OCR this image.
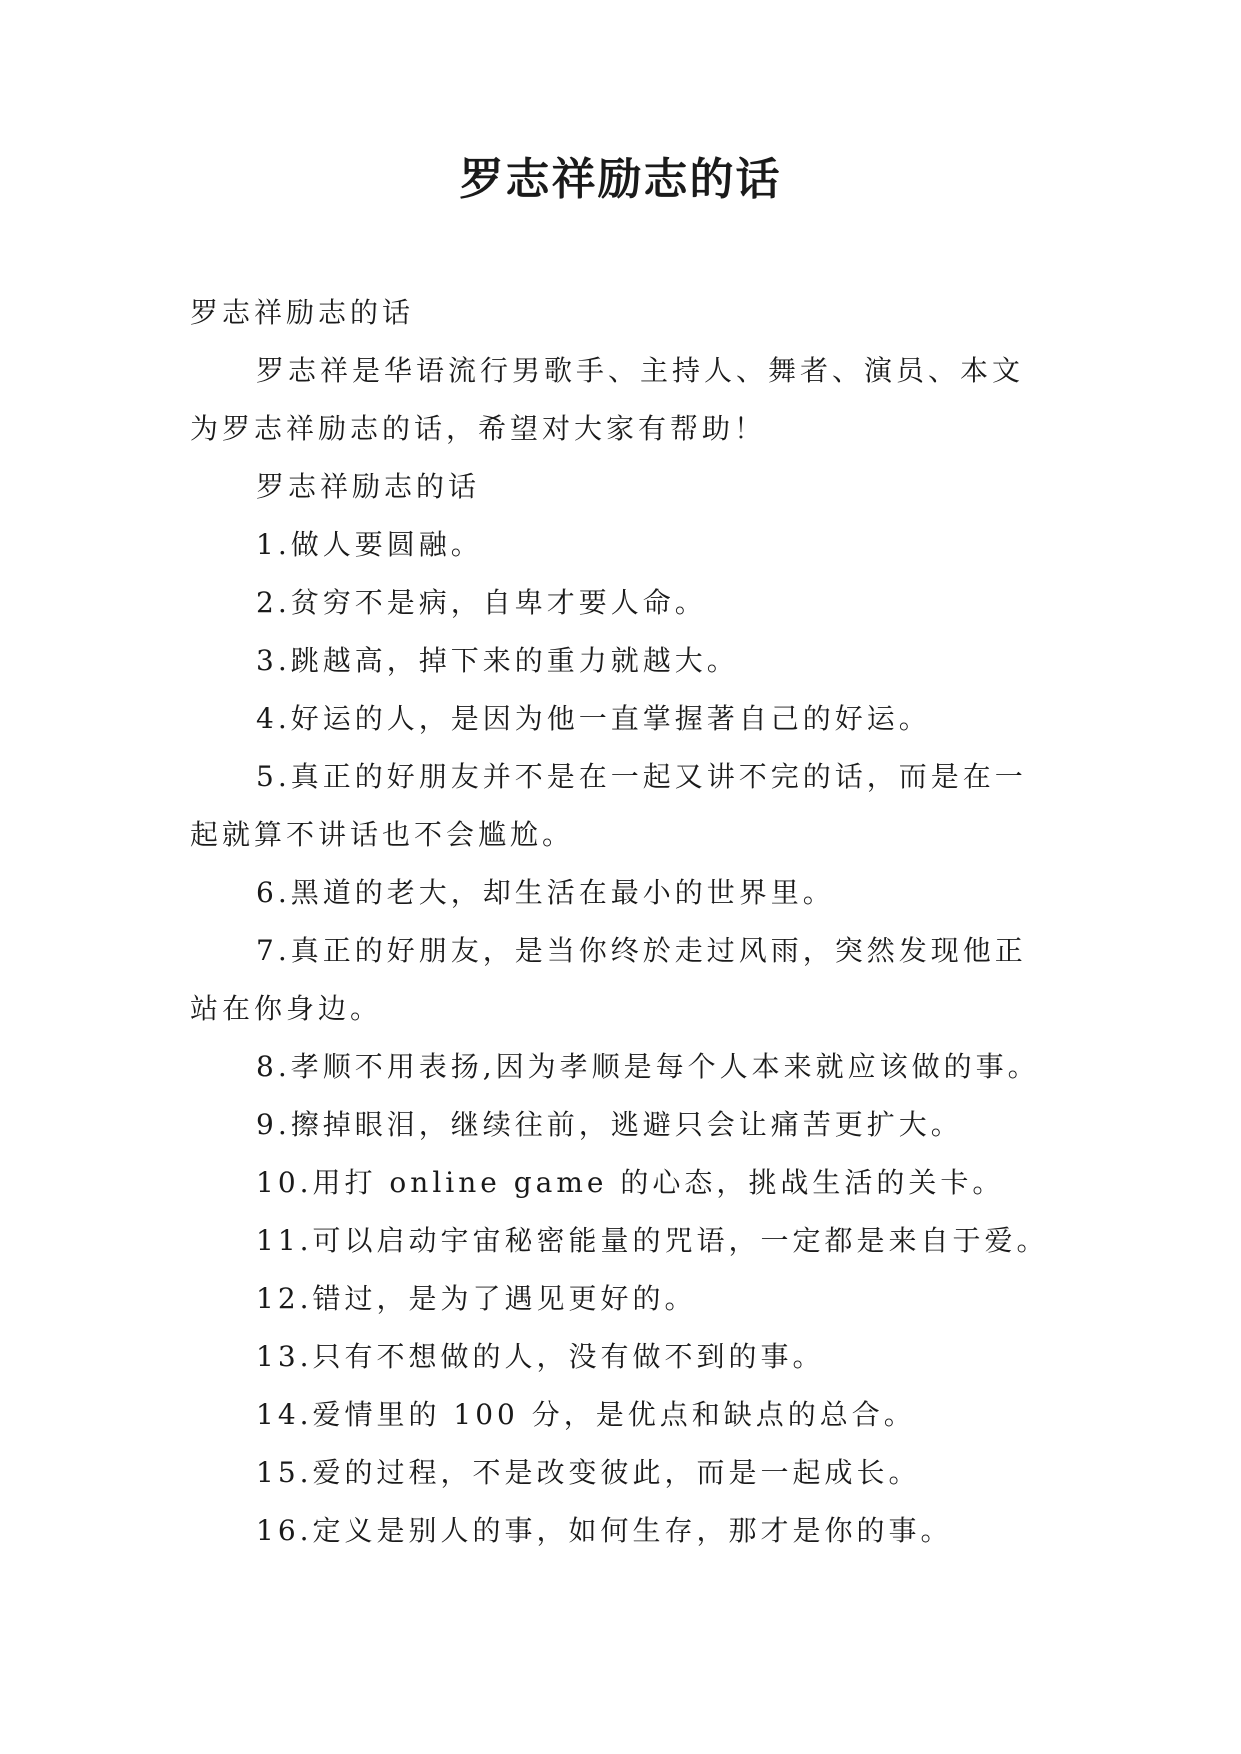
罗志祥励志的话
罗志祥励志的话
罗志祥是华语流行男歌手、主持人、舞者、演员、本文
为罗志祥励志的话，希望对大家有帮助！
罗志祥励志的话
1.做人要圆融。
2.贫穷不是病，自卑才要人命。
3.跳越高，掉下来的重力就越大。
4.好运的人，是因为他一直掌握著自己的好运。
5.真正的好朋友并不是在一起又讲不完的话，而是在一
起就算不讲话也不会尴尬。
6.黑道的老大，却生活在最小的世界里。
7.真正的好朋友，是当你终於走过风雨，突然发现他正
站在你身边。
8.孝顺不用表扬,因为孝顺是每个人本来就应该做的事。
9.擦掉眼泪，继续往前，逃避只会让痛苦更扩大。
10.用打 online game 的心态，挑战生活的关卡。
11.可以启动宇宙秘密能量的咒语，一定都是来自于爱。
12.错过，是为了遇见更好的。
13.只有不想做的人，没有做不到的事。
14.爱情里的 100 分，是优点和缺点的总合。
15.爱的过程，不是改变彼此，而是一起成长。
16.定义是别人的事，如何生存，那才是你的事。
